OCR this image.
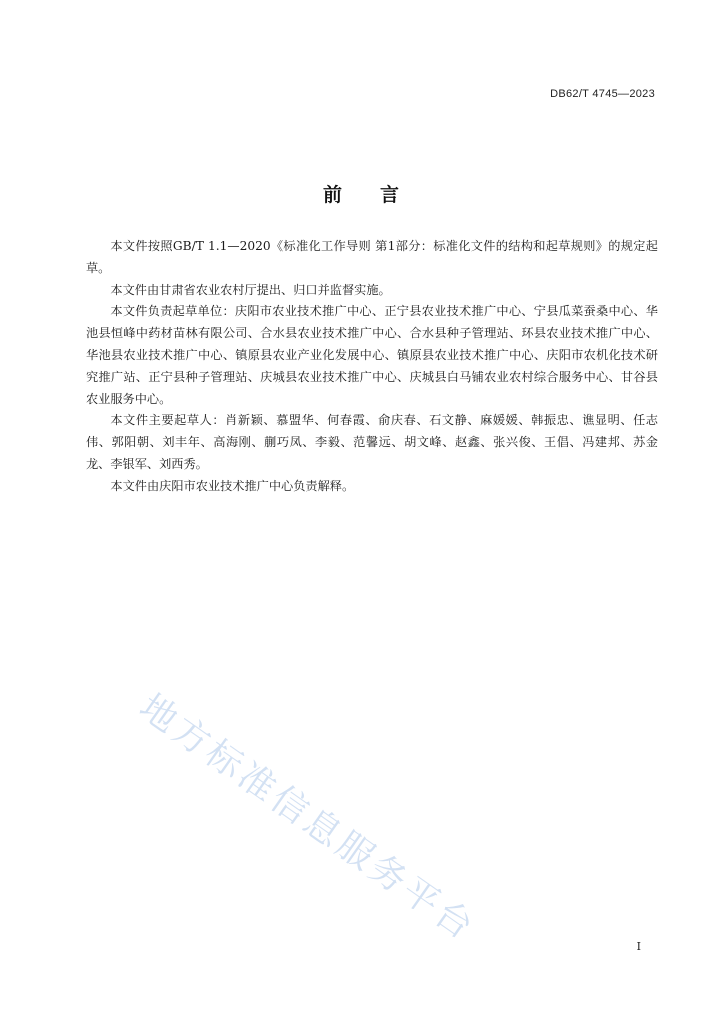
DB62/T 4745—2023
前 言

本文件按照GB/T 1.1—2020《标准化工作导则 第1部分：标准化文件的结构和起草规则》的规定起草。

本文件由甘肃省农业农村厅提出、归口并监督实施。

本文件负责起草单位：庆阳市农业技术推广中心、正宁县农业技术推广中心、宁县瓜菜蚕桑中心、华池县恒峰中药材苗林有限公司、合水县农业技术推广中心、合水县种子管理站、环县农业技术推广中心、华池县农业技术推广中心、镇原县农业产业化发展中心、镇原县农业技术推广中心、庆阳市农机化技术研究推广站、正宁县种子管理站、庆城县农业技术推广中心、庆城县白马铺农业农村综合服务中心、甘谷县农业服务中心。

本文件主要起草人：肖新颖、慕盟华、何春霞、俞庆春、石文静、麻媛媛、韩振忠、谯显明、任志伟、郭阳朝、刘丰年、高海刚、蒯巧凤、李毅、范馨远、胡文峰、赵鑫、张兴俊、王倡、冯建邦、苏金龙、李银军、刘西秀。

本文件由庆阳市农业技术推广中心负责解释。

地方标准信息服务平台	I
